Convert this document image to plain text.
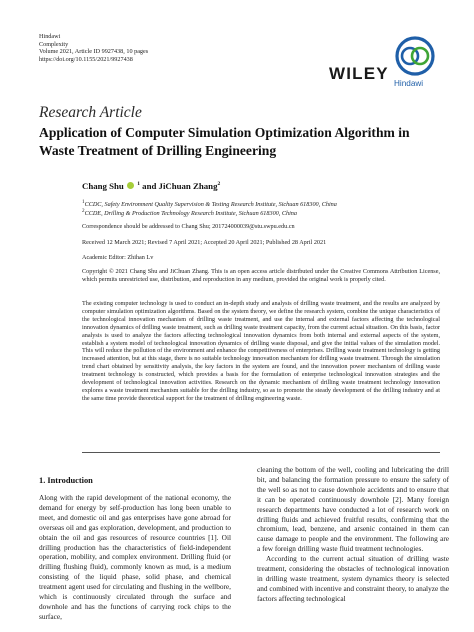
Hindawi
Complexity
Volume 2021, Article ID 9927438, 10 pages
https://doi.org/10.1155/2021/9927438
WILEY
Hindawi
Research Article
Application of Computer Simulation Optimization Algorithm in Waste Treatment of Drilling Engineering
Chang Shu $^1$ and JiChuan Zhang$^2$
$^1$CCDC, Safety Environment Quality Supervision & Testing Research Institute, Sichuan 618300, China
$^2$CCDE, Drilling & Production Technology Research Institute, Sichuan 618300, China
Correspondence should be addressed to Chang Shu; 201724000039@stu.swpu.edu.cn
Received 12 March 2021; Revised 7 April 2021; Accepted 20 April 2021; Published 28 April 2021
Academic Editor: Zhihan Lv
Copyright © 2021 Chang Shu and JiChuan Zhang. This is an open access article distributed under the Creative Commons Attribution License, which permits unrestricted use, distribution, and reproduction in any medium, provided the original work is properly cited.
The existing computer technology is used to conduct an in-depth study and analysis of drilling waste treatment, and the results are analyzed by computer simulation optimization algorithms. Based on the system theory, we define the research system, combine the unique characteristics of the technological innovation mechanism of drilling waste treatment, and use the internal and external factors affecting the technological innovation dynamics of drilling waste treatment, such as drilling waste treatment capacity, from the current actual situation. On this basis, factor analysis is used to analyze the factors affecting technological innovation dynamics from both internal and external aspects of the system, establish a system model of technological innovation dynamics of drilling waste disposal, and give the initial values of the simulation model. This will reduce the pollution of the environment and enhance the competitiveness of enterprises. Drilling waste treatment technology is getting increased attention, but at this stage, there is no suitable technology innovation mechanism for drilling waste treatment. Through the simulation trend chart obtained by sensitivity analysis, the key factors in the system are found, and the innovation power mechanism of drilling waste treatment technology is constructed, which provides a basis for the formulation of enterprise technological innovation strategies and the development of technological innovation activities. Research on the dynamic mechanism of drilling waste treatment technology innovation explores a waste treatment mechanism suitable for the drilling industry, so as to promote the steady development of the drilling industry and at the same time provide theoretical support for the treatment of drilling engineering waste.
1. Introduction

Along with the rapid development of the national economy, the demand for energy by self-production has long been unable to meet, and domestic oil and gas enterprises have gone abroad for overseas oil and gas exploration, development, and production to obtain the oil and gas resources of resource countries [1]. Oil drilling production has the characteristics of field-independent operation, mobility, and complex environment. Drilling fluid (or drilling flushing fluid), commonly known as mud, is a medium consisting of the liquid phase, solid phase, and chemical treatment agent used for circulating and flushing in the wellbore, which is continuously circulated through the surface and downhole and has the functions of carrying rock chips to the surface,

cleaning the bottom of the well, cooling and lubricating the drill bit, and balancing the formation pressure to ensure the safety of the well so as not to cause downhole accidents and to ensure that it can be operated continuously downhole [2]. Many foreign research departments have conducted a lot of research work on drilling fluids and achieved fruitful results, confirming that the chromium, lead, benzene, and arsenic contained in them can cause damage to people and the environment. The following are a few foreign drilling waste fluid treatment technologies.

According to the current actual situation of drilling waste treatment, considering the obstacles of technological innovation in drilling waste treatment, system dynamics theory is selected and combined with incentive and constraint theory, to analyze the factors affecting technological
